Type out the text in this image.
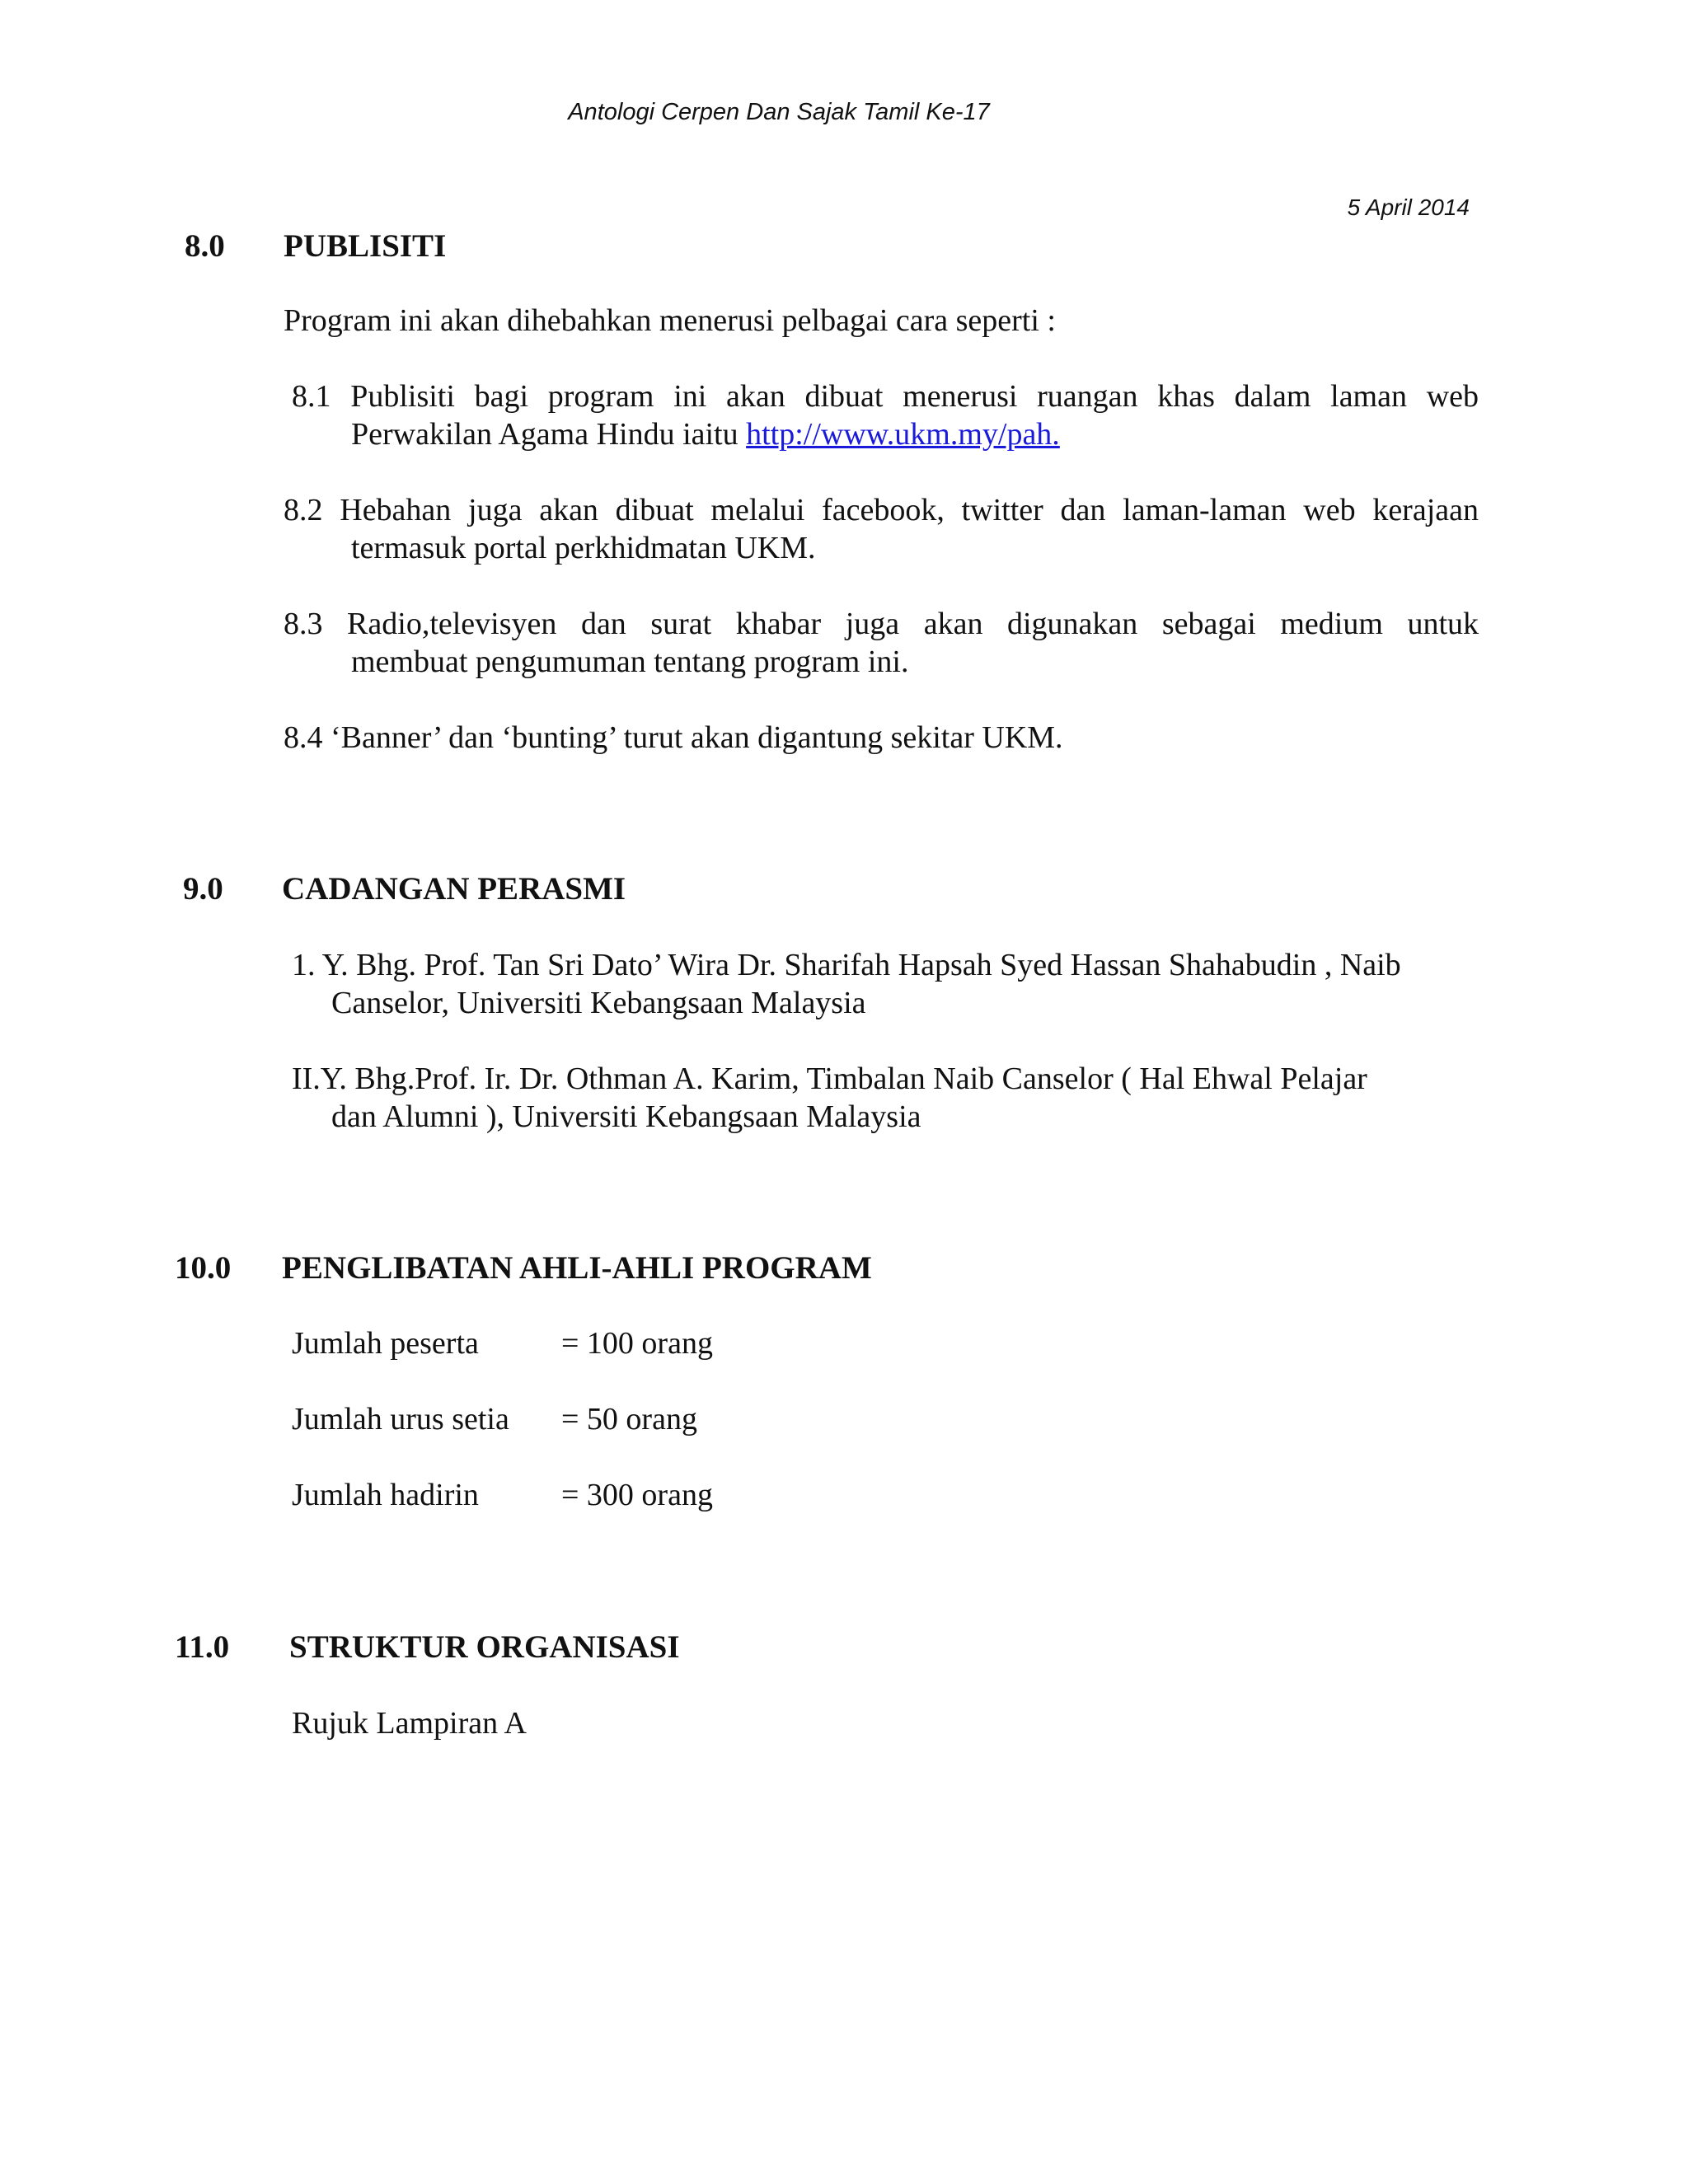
Antologi Cerpen Dan Sajak Tamil Ke-17
5 April 2014
8.0 PUBLISITI
Program ini akan dihebahkan menerusi pelbagai cara seperti :
8.1 Publisiti bagi program ini akan dibuat menerusi ruangan khas dalam laman web
Perwakilan Agama Hindu iaitu http://www.ukm.my/pah.
8.2 Hebahan juga akan dibuat melalui facebook, twitter dan laman-laman web kerajaan
termasuk portal perkhidmatan UKM.
8.3 Radio,televisyen dan surat khabar juga akan digunakan sebagai medium untuk
membuat pengumuman tentang program ini.
8.4 ‘Banner’ dan ‘bunting’ turut akan digantung sekitar UKM.
9.0 CADANGAN PERASMI
1. Y. Bhg. Prof. Tan Sri Dato’ Wira Dr. Sharifah Hapsah Syed Hassan Shahabudin , Naib
Canselor, Universiti Kebangsaan Malaysia
II.Y. Bhg.Prof. Ir. Dr. Othman A. Karim, Timbalan Naib Canselor ( Hal Ehwal Pelajar
dan Alumni ), Universiti Kebangsaan Malaysia
10.0 PENGLIBATAN AHLI-AHLI PROGRAM
Jumlah peserta	= 100 orang
Jumlah urus setia = 50 orang
Jumlah hadirin	= 300 orang
11.0 STRUKTUR ORGANISASI
Rujuk Lampiran A
